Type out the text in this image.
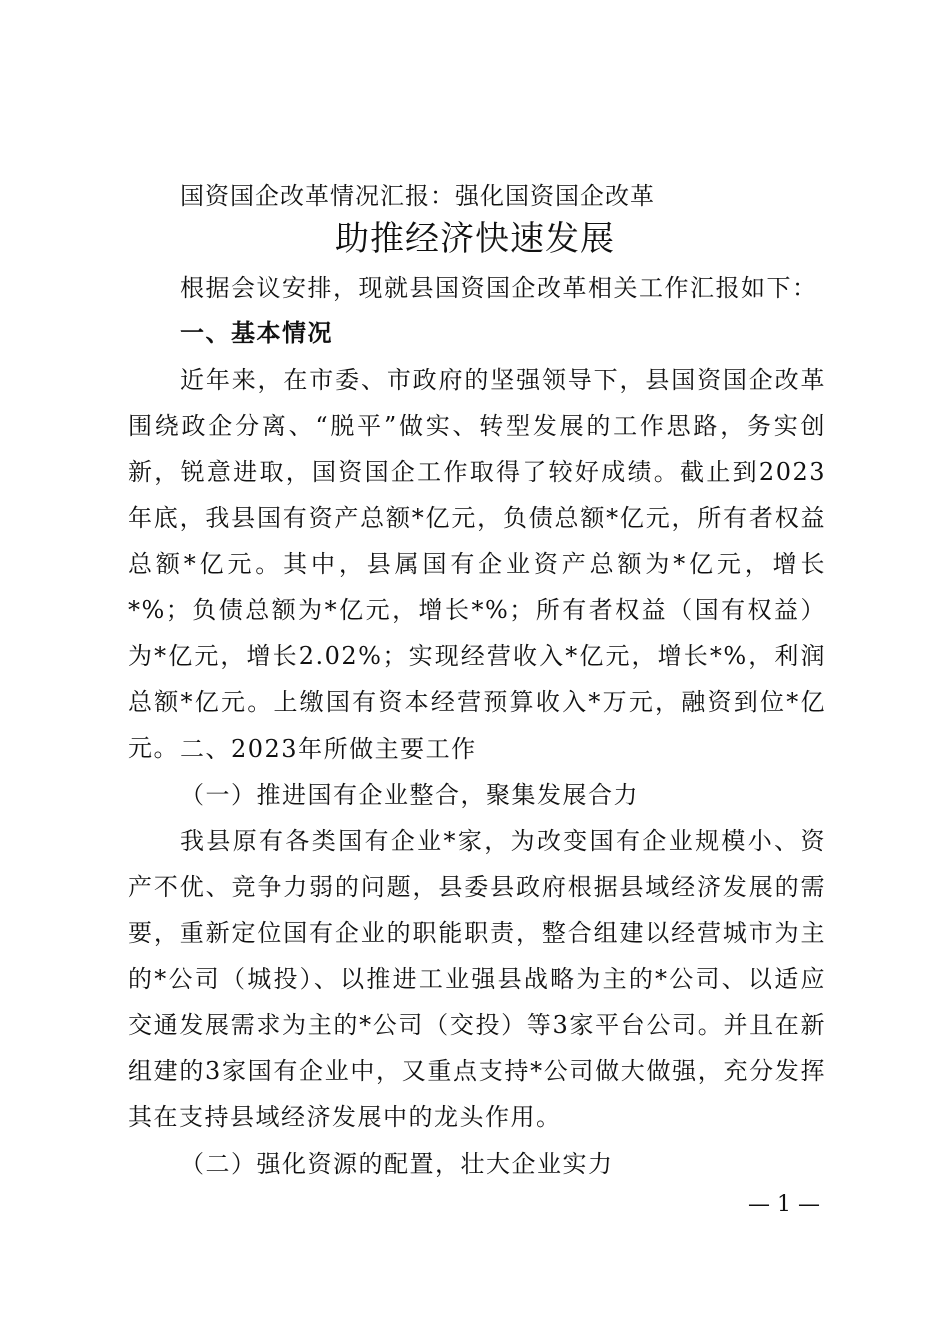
国资国企改革情况汇报：强化国资国企改革
助推经济快速发展
根据会议安排，现就县国资国企改革相关工作汇报如下：
一、基本情况
近年来，在市委、市政府的坚强领导下，县国资国企改革围绕政企分离、“脱平”做实、转型发展的工作思路，务实创新，锐意进取，国资国企工作取得了较好成绩。截止到2023年底，我县国有资产总额*亿元，负债总额*亿元，所有者权益总额*亿元。其中，县属国有企业资产总额为*亿元，增长*%；负债总额为*亿元，增长*%；所有者权益（国有权益）为*亿元，增长2.02%；实现经营收入*亿元，增长*%，利润总额*亿元。上缴国有资本经营预算收入*万元，融资到位*亿元。 二、2023年所做主要工作
（一）推进国有企业整合，聚集发展合力
我县原有各类国有企业*家，为改变国有企业规模小、资产不优、竞争力弱的问题，县委县政府根据县域经济发展的需要，重新定位国有企业的职能职责，整合组建以经营城市为主的*公司（城投）、以推进工业强县战略为主的*公司、以适应交通发展需求为主的*公司（交投）等3家平台公司。并且在新组建的3家国有企业中，又重点支持*公司做大做强，充分发挥其在支持县域经济发展中的龙头作用。
（二）强化资源的配置，壮大企业实力
— 1 —
